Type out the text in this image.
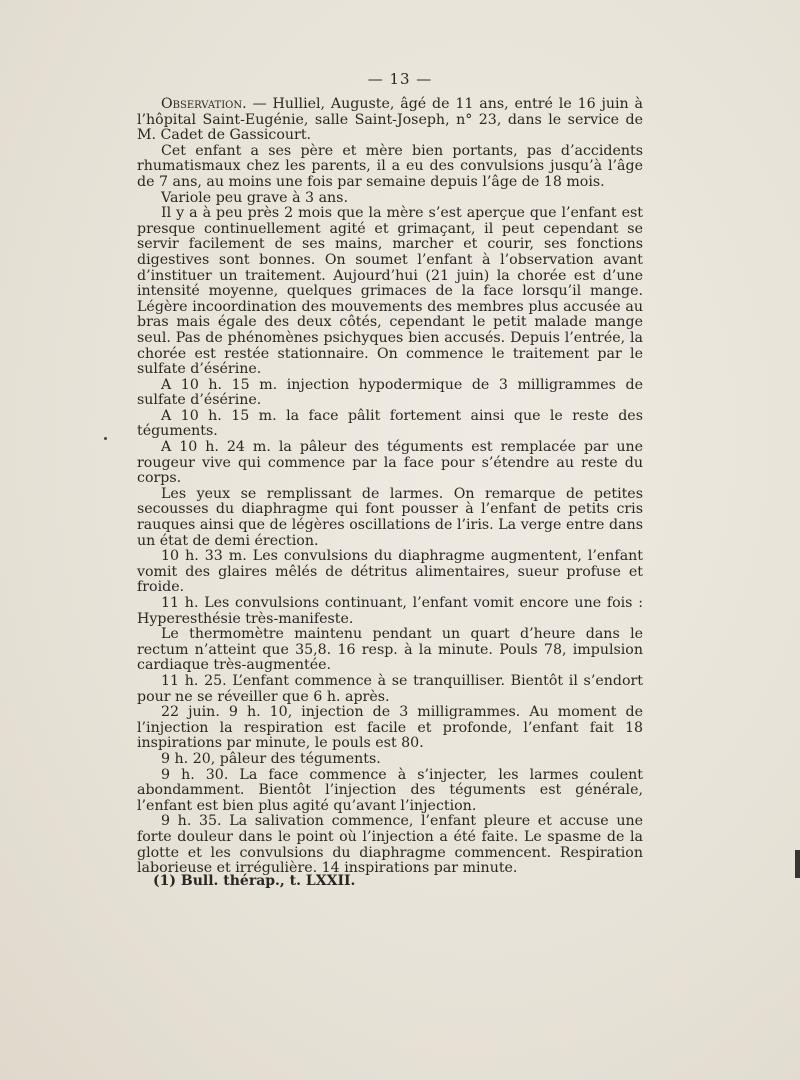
— 13 —

Observation. — Hulliel, Auguste, âgé de 11 ans, entré le 16 juin à l’hôpital Saint-Eugénie, salle Saint-Joseph, n° 23, dans le service de M. Cadet de Gassicourt.

Cet enfant a ses père et mère bien portants, pas d’accidents rhumatismaux chez les parents, il a eu des convulsions jusqu’à l’âge de 7 ans, au moins une fois par semaine depuis l’âge de 18 mois.

Variole peu grave à 3 ans.

Il y a à peu près 2 mois que la mère s’est aperçue que l’enfant est presque continuellement agité et grimaçant, il peut cependant se servir facilement de ses mains, marcher et courir, ses fonctions digestives sont bonnes. On soumet l’enfant à l’observation avant d’instituer un traitement. Aujourd’hui (21 juin) la chorée est d’une intensité moyenne, quelques grimaces de la face lorsqu’il mange. Légère incoordination des mouvements des membres plus accusée au bras mais égale des deux côtés, cependant le petit malade mange seul. Pas de phénomènes psichyques bien accusés. Depuis l’entrée, la chorée est restée stationnaire. On commence le traitement par le sulfate d’ésérine.

A 10 h. 15 m. injection hypodermique de 3 milligrammes de sulfate d’ésérine.

A 10 h. 15 m. la face pâlit fortement ainsi que le reste des téguments.

A 10 h. 24 m. la pâleur des téguments est remplacée par une rougeur vive qui commence par la face pour s’étendre au reste du corps.

Les yeux se remplissant de larmes. On remarque de petites secousses du diaphragme qui font pousser à l’enfant de petits cris rauques ainsi que de légères oscillations de l’iris. La verge entre dans un état de demi érection.

10 h. 33 m. Les convulsions du diaphragme augmentent, l’enfant vomit des glaires mêlés de détritus alimentaires, sueur profuse et froide.

11 h. Les convulsions continuant, l’enfant vomit encore une fois : Hyperesthésie très-manifeste.

Le thermomètre maintenu pendant un quart d’heure dans le rectum n’atteint que 35,8. 16 resp. à la minute. Pouls 78, impulsion cardiaque très-augmentée.

11 h. 25. L’enfant commence à se tranquilliser. Bientôt il s’endort pour ne se réveiller que 6 h. après.

22 juin. 9 h. 10, injection de 3 milligrammes. Au moment de l’injection la respiration est facile et profonde, l’enfant fait 18 inspirations par minute, le pouls est 80.

9 h. 20, pâleur des téguments.

9 h. 30. La face commence à s’injecter, les larmes coulent abondamment. Bientôt l’injection des téguments est générale, l’enfant est bien plus agité qu’avant l’injection.

9 h. 35. La salivation commence, l’enfant pleure et accuse une forte douleur dans le point où l’injection a été faite. Le spasme de la glotte et les convulsions du diaphragme commencent. Respiration laborieuse et irrégulière. 14 inspirations par minute.

(1) Bull. thérap., t. LXXII.
